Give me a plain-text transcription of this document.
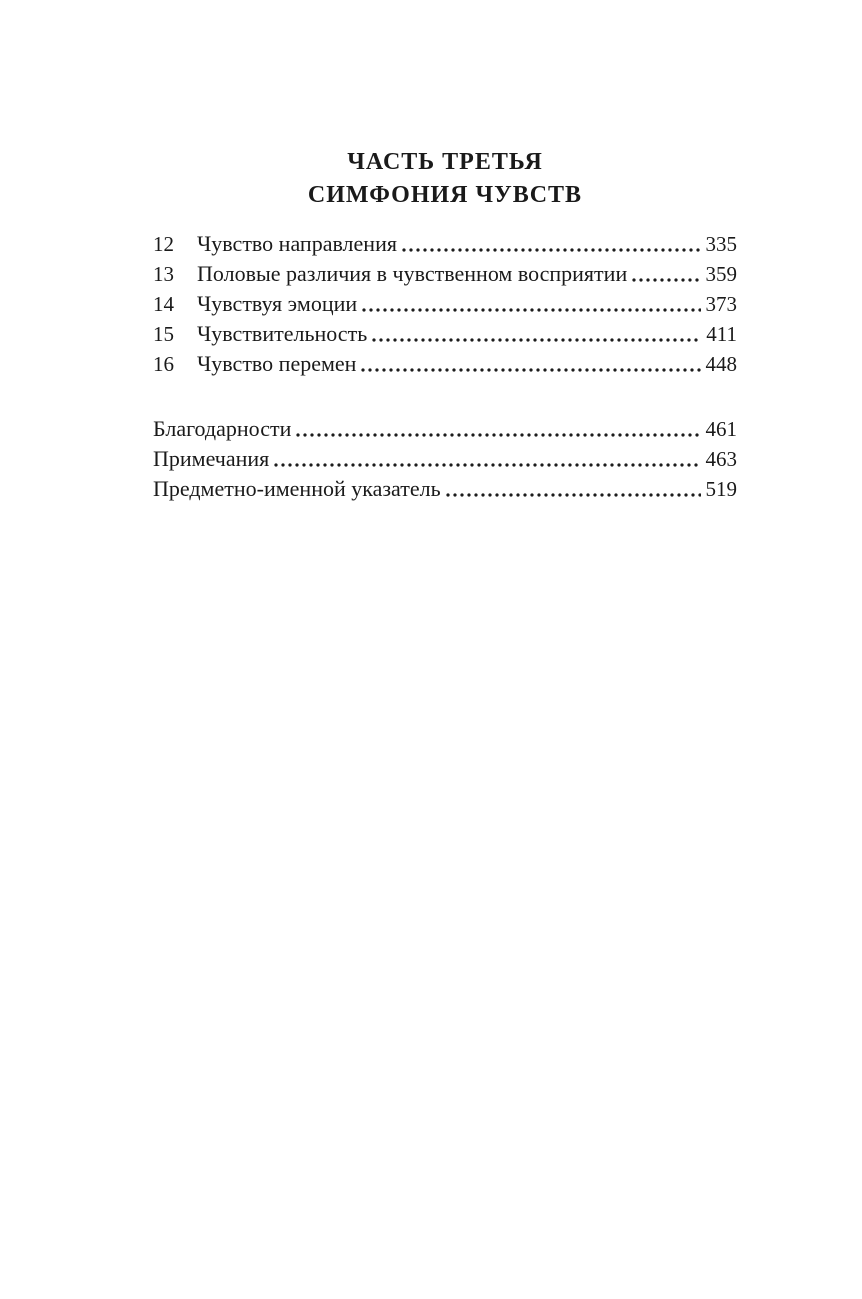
ЧАСТЬ ТРЕТЬЯ
СИМФОНИЯ ЧУВСТВ
12	Чувство направления	335
13	Половые различия в чувственном восприятии	359
14	Чувствуя эмоции	373
15	Чувствительность	411
16	Чувство перемен	448
Благодарности	461
Примечания	463
Предметно-именной указатель	519
